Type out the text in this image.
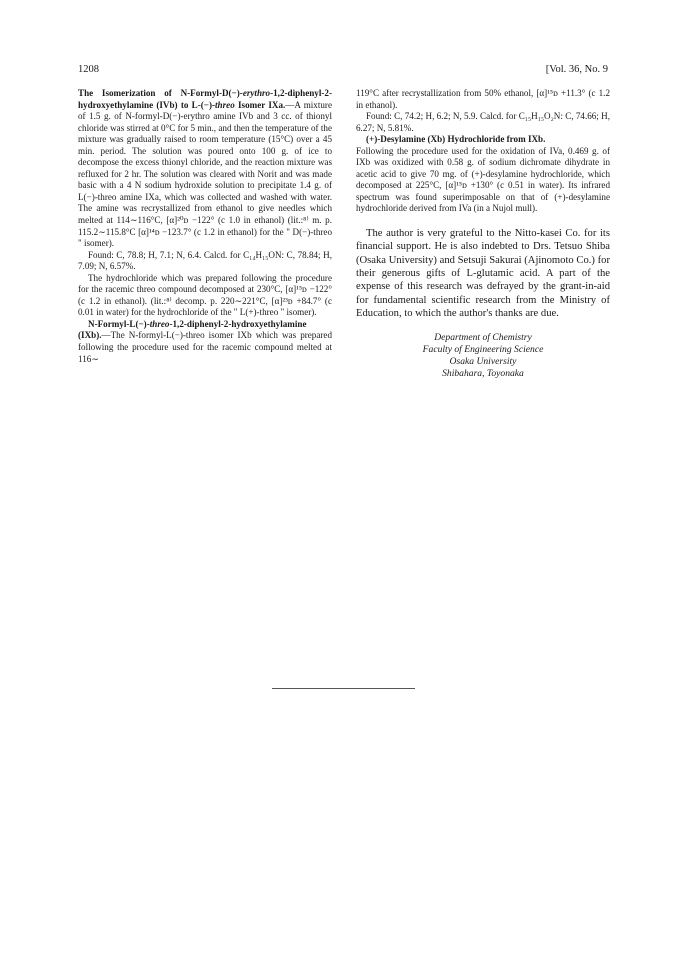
1208	[Vol. 36, No. 9

The Isomerization of N-Formyl-D(−)-erythro-1,2-diphenyl-2-hydroxyethylamine (IVb) to L-(−)-threo Isomer IXa.—A mixture of 1.5 g. of N-formyl-D(−)-erythro amine IVb and 3 cc. of thionyl chloride was stirred at 0°C for 5 min., and then the temperature of the mixture was gradually raised to room temperature (15°C) over a 45 min. period. The solution was poured onto 100 g. of ice to decompose the excess thionyl chloride, and the reaction mixture was refluxed for 2 hr. The solution was cleared with Norit and was made basic with a 4 N sodium hydroxide solution to precipitate 1.4 g. of L(−)-threo amine IXa, which was collected and washed with water. The amine was recrystallized from ethanol to give needles which melted at 114∼116°C, [α]²⁰ᴅ −122° (c 1.0 in ethanol) (lit.:⁸⁾ m. p. 115.2∼115.8°C [α]¹⁴ᴅ −123.7° (c 1.2 in ethanol) for the " D(−)-threo " isomer).

Found: C, 78.8; H, 7.1; N, 6.4. Calcd. for C₁₄H₁₅ON: C, 78.84; H, 7.09; N, 6.57%.

The hydrochloride which was prepared following the procedure for the racemic threo compound decomposed at 230°C, [α]¹⁵ᴅ −122° (c 1.2 in ethanol). (lit.:⁸⁾ decomp. p. 220∼221°C, [α]²³ᴅ +84.7° (c 0.01 in water) for the hydrochloride of the " L(+)-threo " isomer).

N-Formyl-L(−)-threo-1,2-diphenyl-2-hydroxyethylamine (IXb).—The N-formyl-L(−)-threo isomer IXb which was prepared following the procedure used for the racemic compound melted at 116∼

119°C after recrystallization from 50% ethanol, [α]¹⁵ᴅ +11.3° (c 1.2 in ethanol).

Found: C, 74.2; H, 6.2; N, 5.9. Calcd. for C₁₅H₁₅O₂N: C, 74.66; H, 6.27; N, 5.81%.

(+)-Desylamine (Xb) Hydrochloride from IXb.

Following the procedure used for the oxidation of IVa, 0.469 g. of IXb was oxidized with 0.58 g. of sodium dichromate dihydrate in acetic acid to give 70 mg. of (+)-desylamine hydrochloride, which decomposed at 225°C, [α]¹⁵ᴅ +130° (c 0.51 in water). Its infrared spectrum was found superimposable on that of (+)-desylamine hydrochloride derived from IVa (in a Nujol mull).

The author is very grateful to the Nitto-kasei Co. for its financial support. He is also indebted to Drs. Tetsuo Shiba (Osaka University) and Setsuji Sakurai (Ajinomoto Co.) for their generous gifts of L-glutamic acid. A part of the expense of this research was defrayed by the grant-in-aid for fundamental scientific research from the Ministry of Education, to which the author's thanks are due.

Department of Chemistry
Faculty of Engineering Science
Osaka University
Shibahara, Toyonaka
